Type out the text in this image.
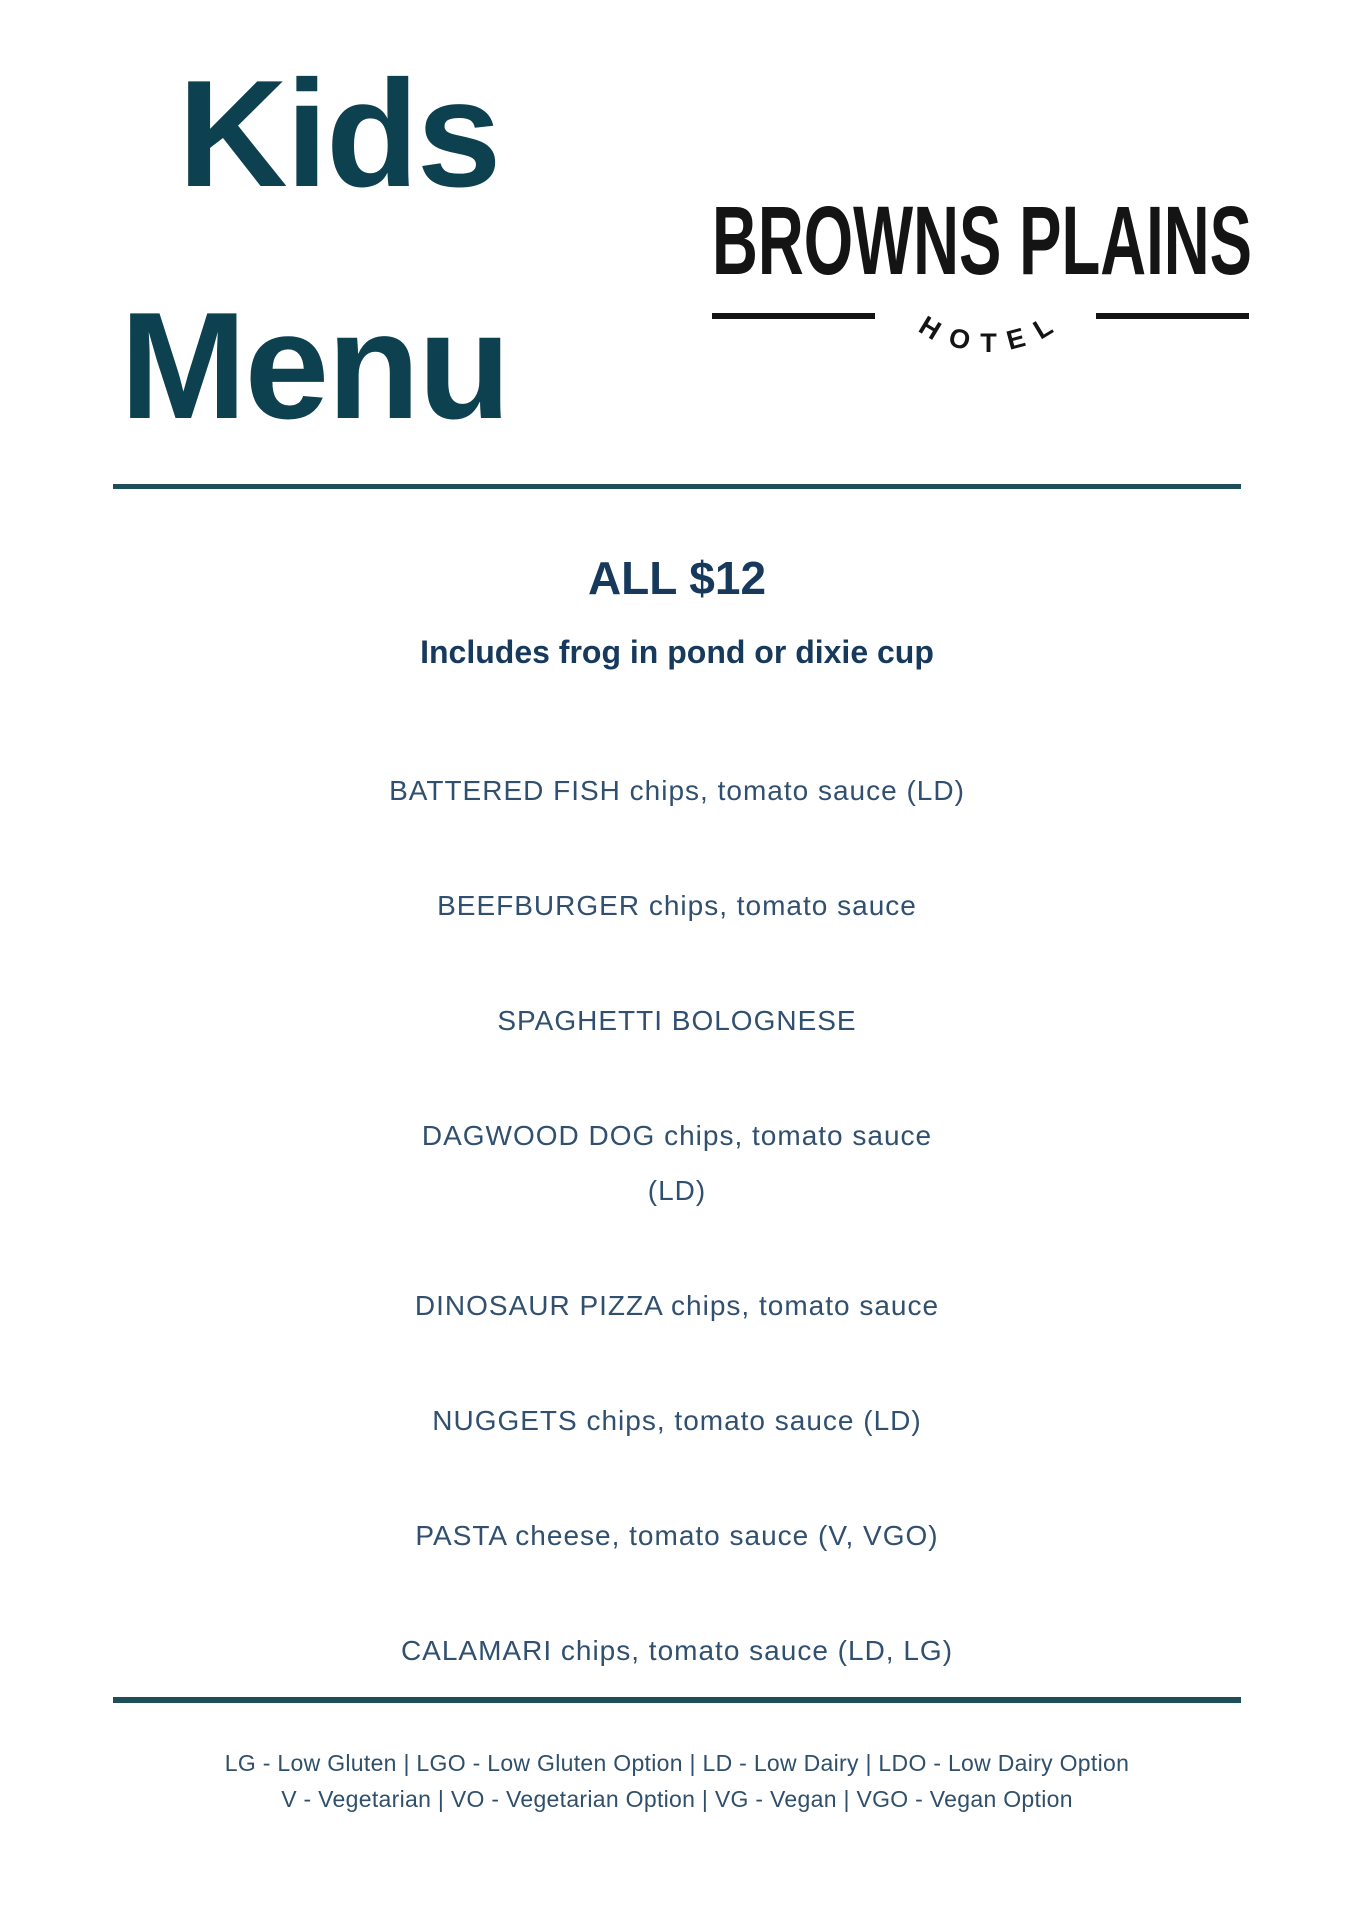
Kids
Menu
BROWNS PLAINS
HO T EL
ALL $12
Includes frog in pond or dixie cup
BATTERED FISH chips, tomato sauce (LD)
BEEFBURGER chips, tomato sauce
SPAGHETTI BOLOGNESE
DAGWOOD DOG chips, tomato sauce
(LD)
DINOSAUR PIZZA chips, tomato sauce
NUGGETS chips, tomato sauce (LD)
PASTA cheese, tomato sauce (V, VGO)
CALAMARI chips, tomato sauce (LD, LG)
LG - Low Gluten | LGO - Low Gluten Option | LD - Low Dairy | LDO - Low Dairy Option
V - Vegetarian | VO - Vegetarian Option | VG - Vegan | VGO - Vegan Option
